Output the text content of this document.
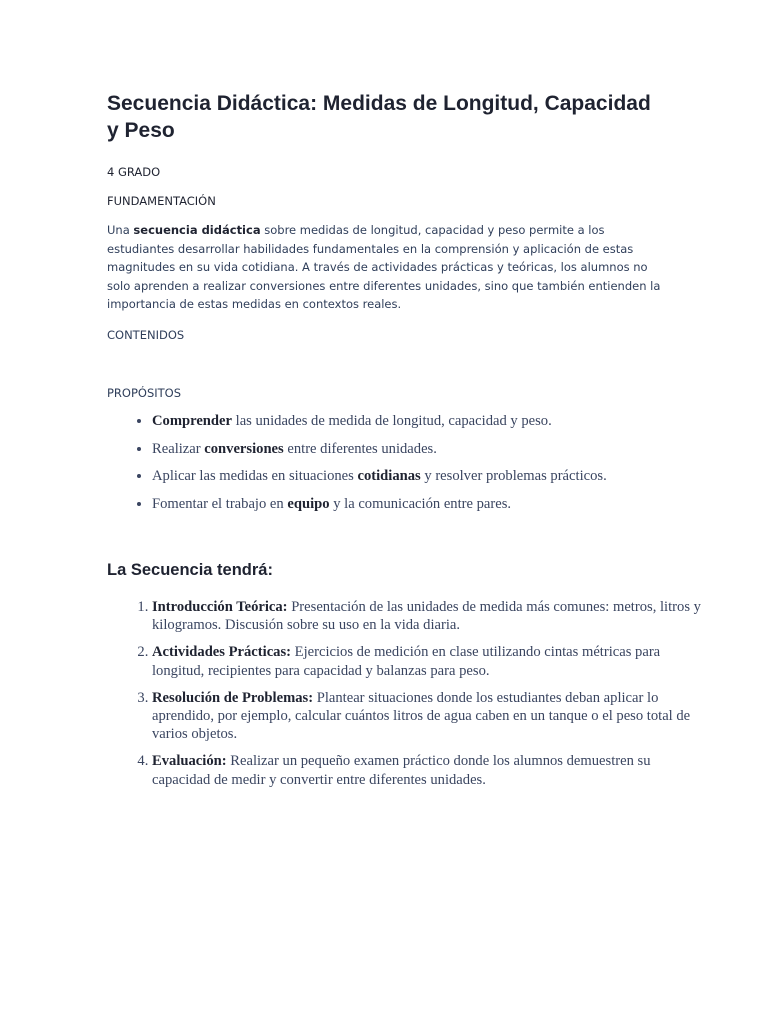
Secuencia Didáctica: Medidas de Longitud, Capacidad y Peso

4 GRADO

FUNDAMENTACIÓN

Una secuencia didáctica sobre medidas de longitud, capacidad y peso permite a los estudiantes desarrollar habilidades fundamentales en la comprensión y aplicación de estas magnitudes en su vida cotidiana. A través de actividades prácticas y teóricas, los alumnos no solo aprenden a realizar conversiones entre diferentes unidades, sino que también entienden la importancia de estas medidas en contextos reales.

CONTENIDOS

PROPÓSITOS

• Comprender las unidades de medida de longitud, capacidad y peso.
• Realizar conversiones entre diferentes unidades.
• Aplicar las medidas en situaciones cotidianas y resolver problemas prácticos.
• Fomentar el trabajo en equipo y la comunicación entre pares.
La Secuencia tendrá:
1. Introducción Teórica: Presentación de las unidades de medida más comunes: metros, litros y kilogramos. Discusión sobre su uso en la vida diaria.
2. Actividades Prácticas: Ejercicios de medición en clase utilizando cintas métricas para longitud, recipientes para capacidad y balanzas para peso.
3. Resolución de Problemas: Plantear situaciones donde los estudiantes deban aplicar lo aprendido, por ejemplo, calcular cuántos litros de agua caben en un tanque o el peso total de varios objetos.
4. Evaluación: Realizar un pequeño examen práctico donde los alumnos demuestren su capacidad de medir y convertir entre diferentes unidades.
